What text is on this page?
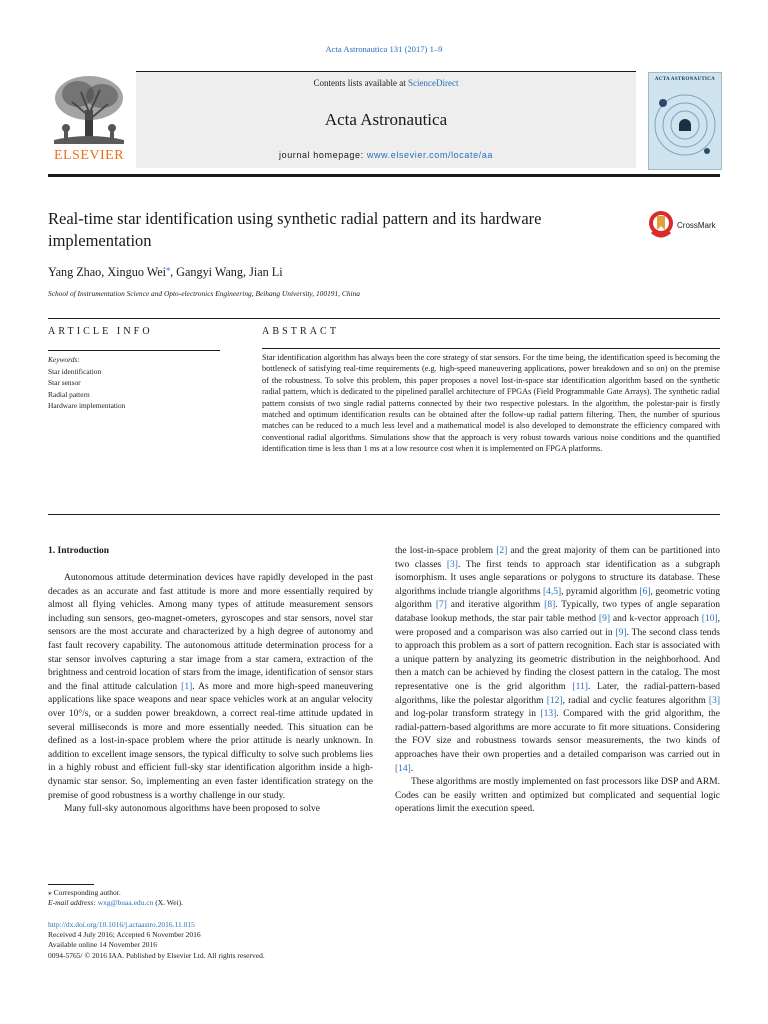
Acta Astronautica 131 (2017) 1–9
ELSEVIER
Contents lists available at ScienceDirect
Acta Astronautica
journal homepage: www.elsevier.com/locate/aa
ACTA ASTRONAUTICA
Real-time star identification using synthetic radial pattern and its hardware implementation
CrossMark
Yang Zhao, Xinguo Wei⁎, Gangyi Wang, Jian Li
School of Instrumentation Science and Opto-electronics Engineering, Beihang University, 100191, China
ARTICLE INFO	ABSTRACT
Keywords:
Star identification
Star sensor
Radial pattern
Hardware implementation
Star identification algorithm has always been the core strategy of star sensors. For the time being, the identification speed is becoming the bottleneck of satisfying real-time requirements (e.g. high-speed maneuvering applications, power breakdown and so on) on the premise of the robustness. To solve this problem, this paper proposes a novel lost-in-space star identification algorithm based on the synthetic radial pattern, which is dedicated to the pipelined parallel architecture of FPGAs (Field Programmable Gate Arrays). The synthetic radial pattern consists of two single radial patterns connected by their two respective polestars. In the algorithm, the polestar-pair is firstly matched and optimum identification results can be obtained after the follow-up radial pattern filtering. Then, the number of spurious matches can be reduced to a much less level and a mathematical model is also developed to demonstrate the efficiency compared with conventional radial algorithms. Simulations show that the approach is very robust towards various noise conditions and the quantified identification time is less than 1 ms at a low resource cost when it is implemented on FPGA platforms.
1. Introduction

Autonomous attitude determination devices have rapidly developed in the past decades as an accurate and fast attitude is more and more essentially required by almost all flying vehicles. Among many types of attitude measurement sensors including sun sensors, geo-magnet-ometers, gyroscopes and star sensors, novel star sensors are the most accurate and characterized by a high degree of autonomy and fast fault recovery capability. The autonomous attitude determination process for a star sensor involves capturing a star image from a star camera, extraction of the brightness and centroid location of stars from the image, identification of sensor stars and the final attitude calculation [1]. As more and more high-speed maneuvering applications like space weapons and near space vehicles work at an angular velocity over 10°/s, or a sudden power breakdown, a correct real-time attitude updated in several milliseconds is more and more essentially needed. This situation can be defined as a lost-in-space problem where the prior attitude is nearly unknown. In addition to excellent image sensors, the typical difficulty to solve such problems lies in a highly robust and efficient full-sky star identification algorithm inside a high-dynamic star sensor. So, implementing an even faster identification strategy on the premise of good robustness is a worthy challenge in our study.

Many full-sky autonomous algorithms have been proposed to solve

the lost-in-space problem [2] and the great majority of them can be partitioned into two classes [3]. The first tends to approach star identification as a subgraph isomorphism. It uses angle separations or polygons to structure its database. These algorithms include triangle algorithms [4,5], pyramid algorithm [6], geometric voting algorithm [7] and iterative algorithm [8]. Typically, two types of angle separation database lookup methods, the star pair table method [9] and k-vector approach [10], were proposed and a comparison was also carried out in [9]. The second class tends to approach this problem as a sort of pattern recognition. Each star is associated with a unique pattern by analyzing its geometric distribution in the neighborhood. And then a match can be achieved by finding the closest pattern in the catalog. The most representative one is the grid algorithm [11]. Later, the radial-pattern-based algorithms, like the polestar algorithm [12], radial and cyclic features algorithm [3] and log-polar transform strategy in [13]. Compared with the grid algorithm, the radial-pattern-based algorithms are more accurate to fit more situations. Considering the FOV size and robustness towards sensor measurements, the two kinds of approaches have their own properties and a detailed comparison was carried out in [14].

These algorithms are mostly implemented on fast processors like DSP and ARM. Codes can be easily written and optimized but complicated and sequential logic operations limit the execution speed.

⁎ Corresponding author.
E-mail address: wxg@buaa.edu.cn (X. Wei).
http://dx.doi.org/10.1016/j.actaastro.2016.11.015
Received 4 July 2016; Accepted 6 November 2016
Available online 14 November 2016
0094-5765/ © 2016 IAA. Published by Elsevier Ltd. All rights reserved.
